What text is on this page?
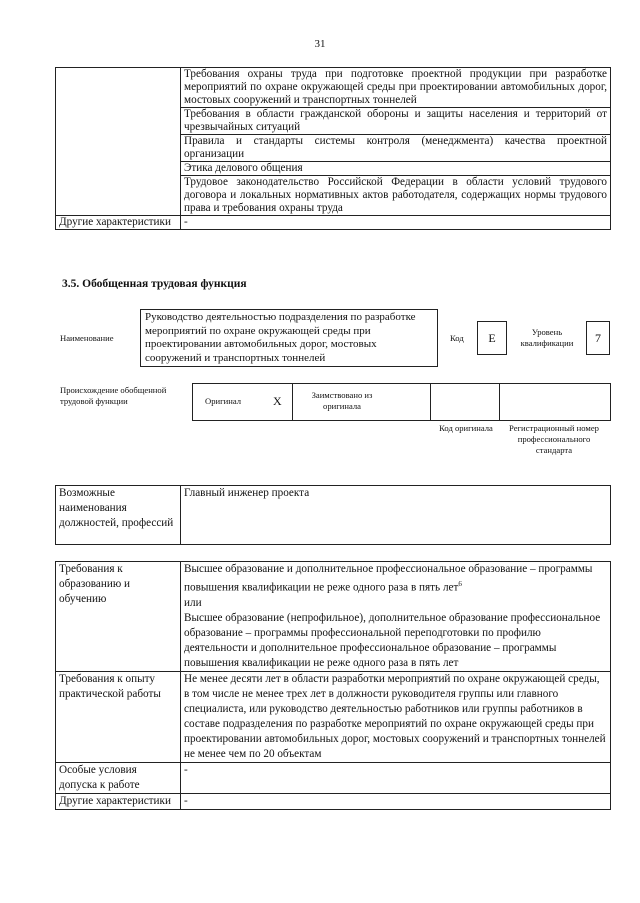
31
	Требования охраны труда при подготовке проектной продукции при разработке мероприятий по охране окружающей среды при проектировании автомобильных дорог, мостовых сооружений и транспортных тоннелей
	Требования в области гражданской обороны и защиты населения и территорий от чрезвычайных ситуаций
	Правила и стандарты системы контроля (менеджмента) качества проектной организации
	Этика делового общения
	Трудовое законодательство Российской Федерации в области условий трудового договора и локальных нормативных актов работодателя, содержащих нормы трудового права и требования охраны труда
Другие характеристики	-
3.5. Обобщенная трудовая функция
Наименование
Руководство деятельностью подразделения по разработке мероприятий по охране окружающей среды при проектировании автомобильных дорог, мостовых сооружений и транспортных тоннелей
Код	E	Уровень квалификации	7
Происхождение обобщенной трудовой функции	Оригинал	X	Заимствовано из оригинала
Код оригинала	Регистрационный номер профессионального стандарта
Возможные наименования должностей, профессий	Главный инженер проекта
Требования к образованию и обучению	Высшее образование и дополнительное профессиональное образование – программы повышения квалификации не реже одного раза в пять лет$^6$
или
Высшее образование (непрофильное), дополнительное образование профессиональное образование – программы профессиональной переподготовки по профилю деятельности и дополнительное профессиональное образование – программы повышения квалификации не реже одного раза в пять лет

Требования к опыту практической работы	Не менее десяти лет в области разработки мероприятий по охране окружающей среды, в том числе не менее трех лет в должности руководителя группы или главного специалиста, или руководство деятельностью работников или группы работников в составе подразделения по разработке мероприятий по охране окружающей среды при проектировании автомобильных дорог, мостовых сооружений и транспортных тоннелей не менее чем по 20 объектам
Особые условия допуска к работе	-
Другие характеристики	-
